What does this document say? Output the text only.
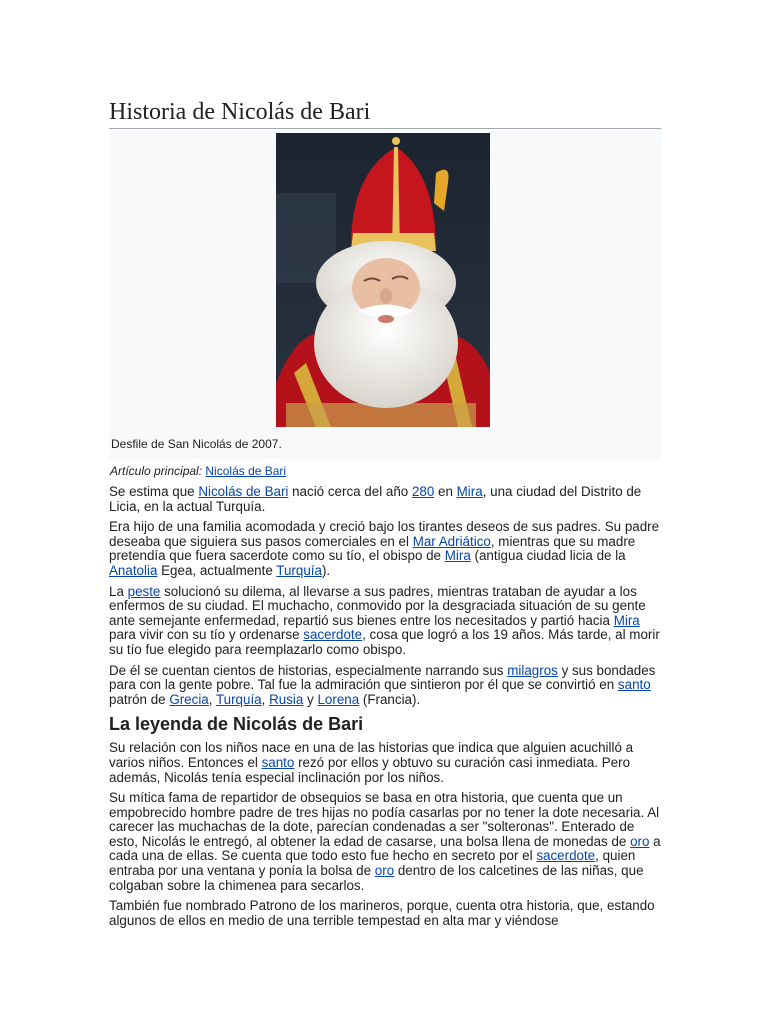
Historia de Nicolás de Bari
Desfile de San Nicolás de 2007.
Artículo principal: Nicolás de Bari

Se estima que Nicolás de Bari nació cerca del año 280 en Mira, una ciudad del Distrito de Licia, en la actual Turquía.

Era hijo de una familia acomodada y creció bajo los tirantes deseos de sus padres. Su padre deseaba que siguiera sus pasos comerciales en el Mar Adriático, mientras que su madre pretendía que fuera sacerdote como su tío, el obispo de Mira (antigua ciudad licia de la Anatolia Egea, actualmente Turquía).

La peste solucionó su dilema, al llevarse a sus padres, mientras trataban de ayudar a los enfermos de su ciudad. El muchacho, conmovido por la desgraciada situación de su gente ante semejante enfermedad, repartió sus bienes entre los necesitados y partió hacia Mira para vivir con su tío y ordenarse sacerdote, cosa que logró a los 19 años. Más tarde, al morir su tío fue elegido para reemplazarlo como obispo.

De él se cuentan cientos de historias, especialmente narrando sus milagros y sus bondades para con la gente pobre. Tal fue la admiración que sintieron por él que se convirtió en santo patrón de Grecia, Turquía, Rusia y Lorena (Francia).

La leyenda de Nicolás de Bari

Su relación con los niños nace en una de las historias que indica que alguien acuchilló a varios niños. Entonces el santo rezó por ellos y obtuvo su curación casi inmediata. Pero además, Nicolás tenía especial inclinación por los niños.

Su mítica fama de repartidor de obsequios se basa en otra historia, que cuenta que un empobrecido hombre padre de tres hijas no podía casarlas por no tener la dote necesaria. Al carecer las muchachas de la dote, parecían condenadas a ser "solteronas". Enterado de esto, Nicolás le entregó, al obtener la edad de casarse, una bolsa llena de monedas de oro a cada una de ellas. Se cuenta que todo esto fue hecho en secreto por el sacerdote, quien entraba por una ventana y ponía la bolsa de oro dentro de los calcetines de las niñas, que colgaban sobre la chimenea para secarlos.

También fue nombrado Patrono de los marineros, porque, cuenta otra historia, que, estando algunos de ellos en medio de una terrible tempestad en alta mar y viéndose
